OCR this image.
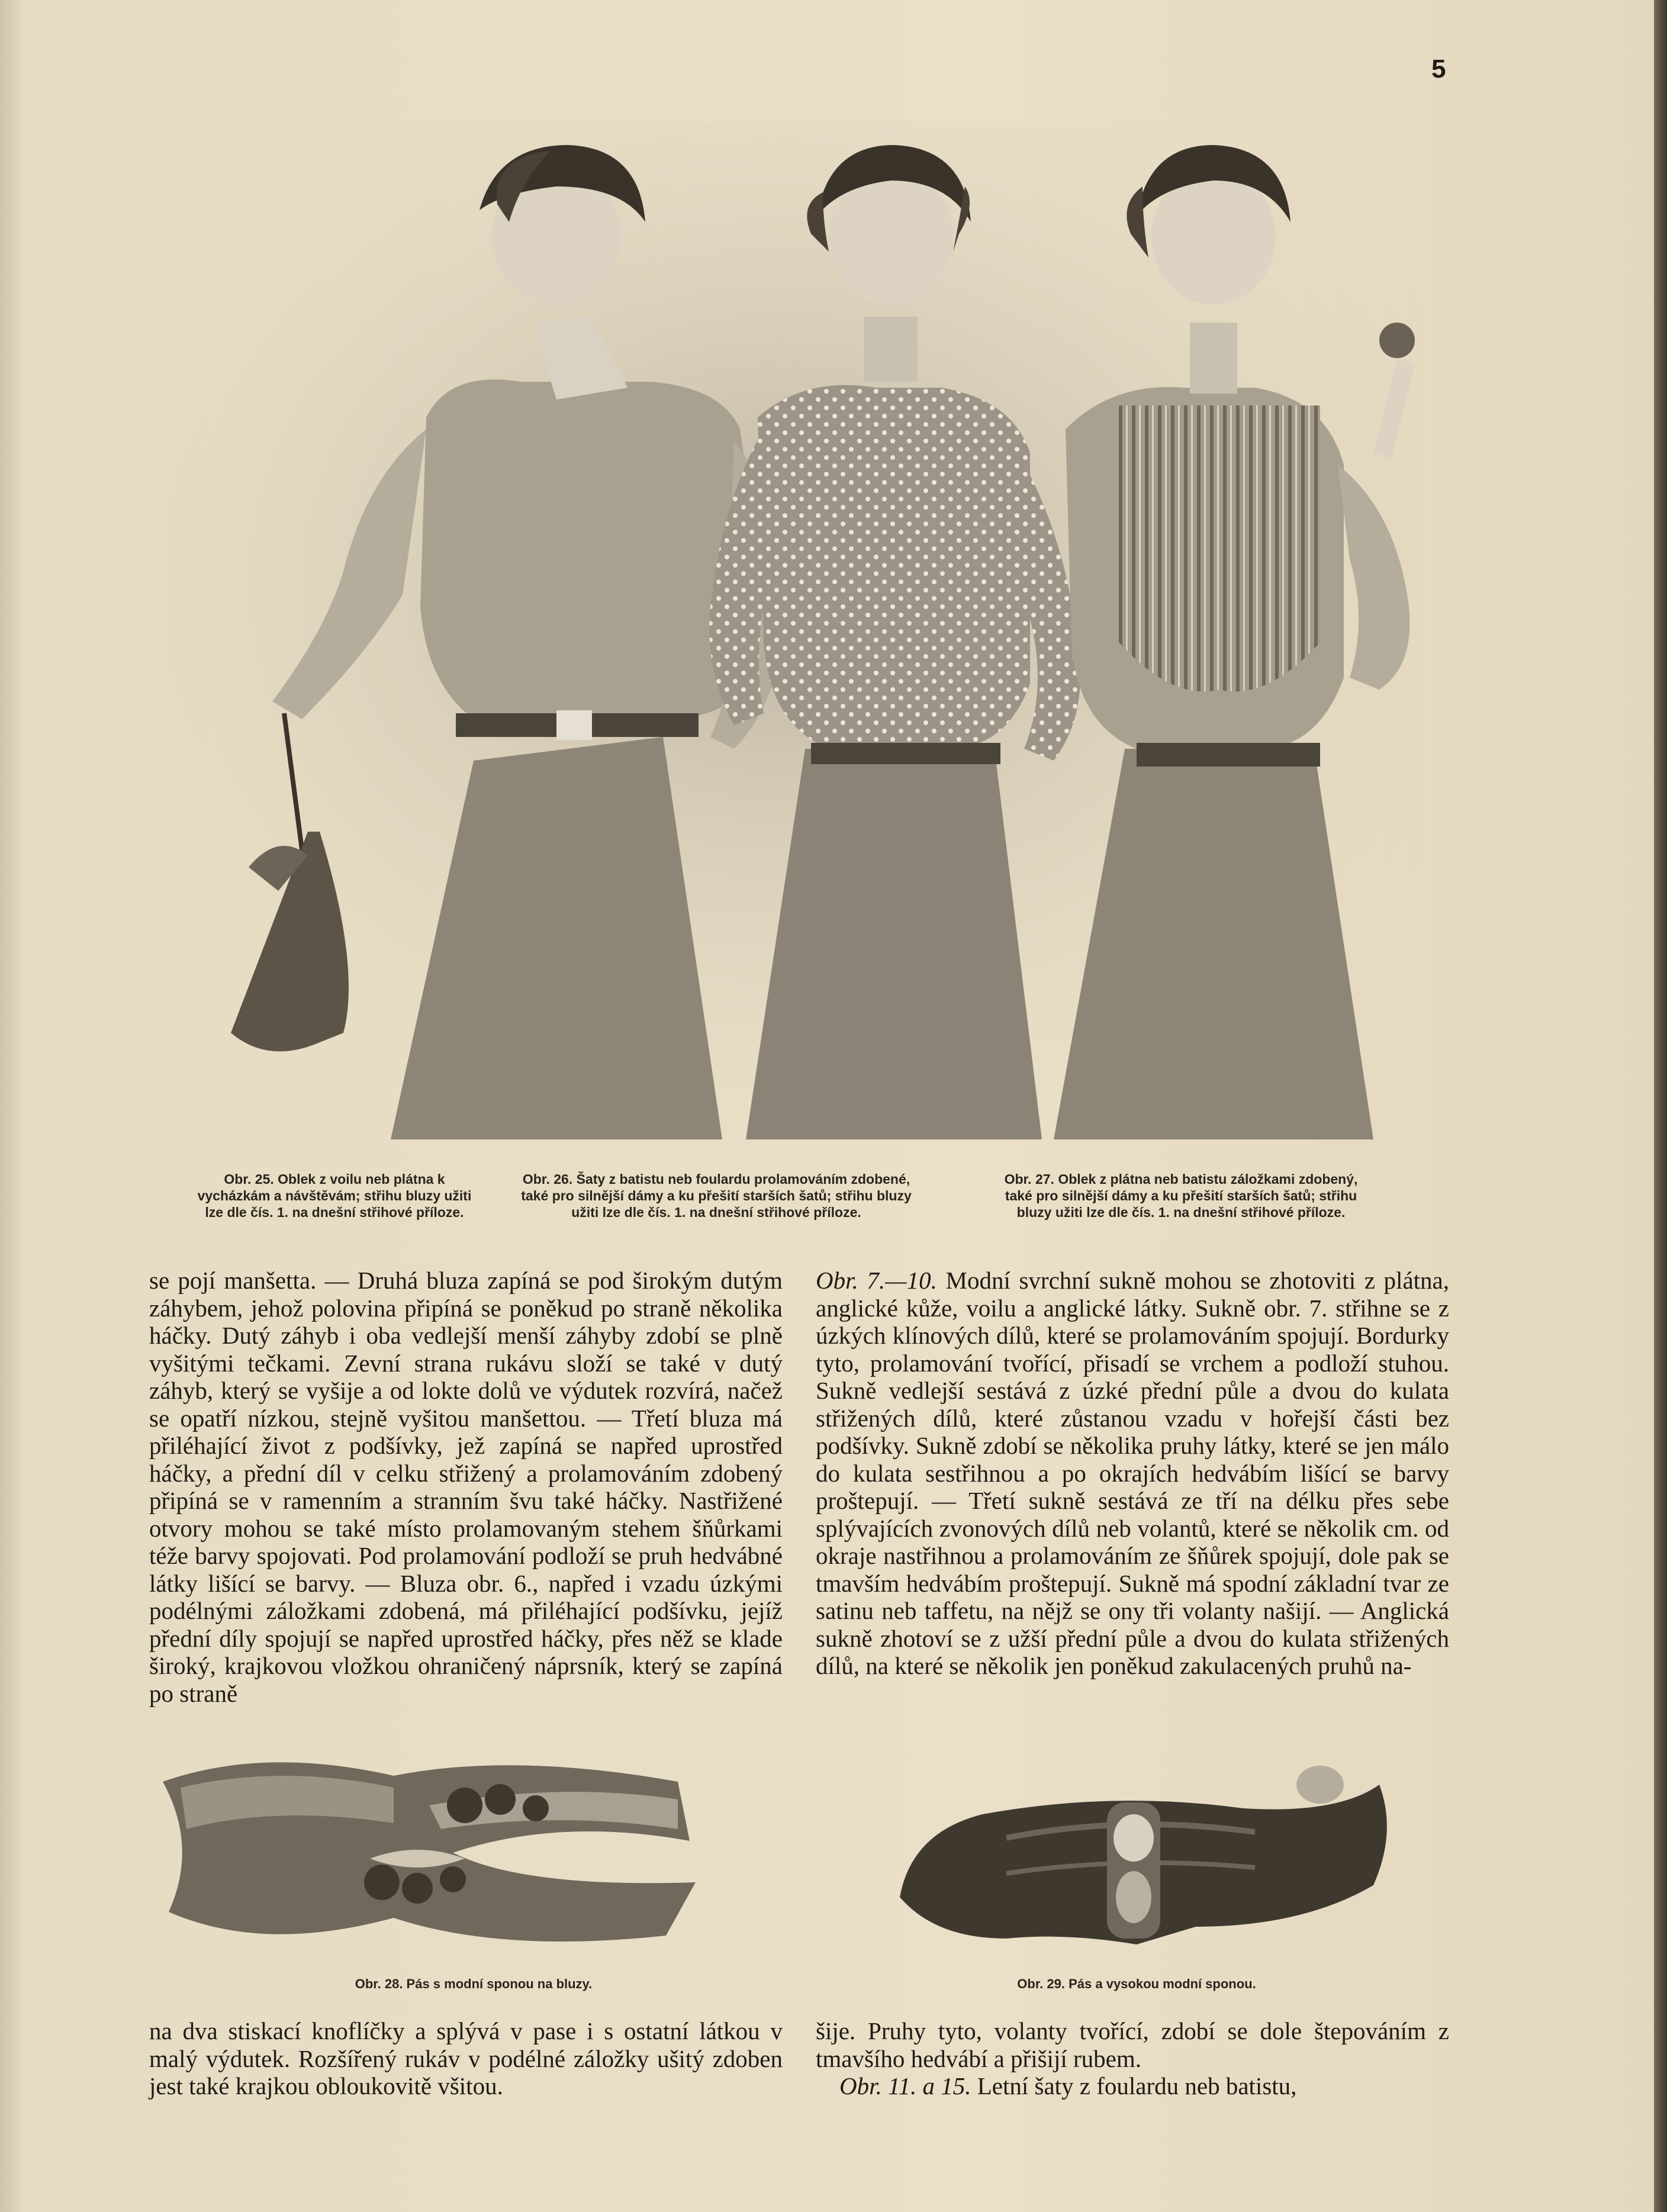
5
Obr. 25. Oblek z voilu neb plátna k vycházkám a návštěvám; střihu bluzy užiti lze dle čís. 1. na dnešní střihové příloze.
Obr. 26. Šaty z batistu neb foulardu prolamováním zdobené, také pro silnější dámy a ku přešití starších šatů; střihu bluzy užiti lze dle čís. 1. na dnešní střihové příloze.
Obr. 27. Oblek z plátna neb batistu záložkami zdobený, také pro silnější dámy a ku přešití starších šatů; střihu bluzy užiti lze dle čís. 1. na dnešní střihové příloze.

se pojí manšetta. — Druhá bluza zapíná se pod širokým dutým záhybem, jehož polovina připíná se poněkud po straně několika háčky. Dutý záhyb i oba vedlejší menší záhyby zdobí se plně vyšitými tečkami. Zevní strana rukávu složí se také v dutý záhyb, který se vyšije a od lokte dolů ve výdutek rozvírá, načež se opatří nízkou, stejně vyšitou manšettou. — Třetí bluza má přiléhající život z podšívky, jež zapíná se napřed uprostřed háčky, a přední díl v celku střižený a prolamováním zdobený připíná se v ramenním a stranním švu také háčky. Nastřižené otvory mohou se také místo prolamovaným stehem šňůrkami téže barvy spojovati. Pod prolamování podloží se pruh hedvábné látky lišící se barvy. — Bluza obr. 6., napřed i vzadu úzkými podélnými záložkami zdobená, má přiléhající podšívku, jejíž přední díly spojují se napřed uprostřed háčky, přes něž se klade široký, krajkovou vložkou ohraničený náprsník, který se zapíná po straně

Obr. 7.—10. Modní svrchní sukně mohou se zhotoviti z plátna, anglické kůže, voilu a anglické látky. Sukně obr. 7. střihne se z úzkých klínových dílů, které se prolamováním spojují. Bordurky tyto, prolamování tvořící, přisadí se vrchem a podloží stuhou. Sukně vedlejší sestává z úzké přední půle a dvou do kulata střižených dílů, které zůstanou vzadu v hořejší části bez podšívky. Sukně zdobí se několika pruhy látky, které se jen málo do kulata sestřihnou a po okrajích hedvábím lišící se barvy proštepují. — Třetí sukně sestává ze tří na délku přes sebe splývajících zvonových dílů neb volantů, které se několik cm. od okraje nastřihnou a prolamováním ze šňůrek spojují, dole pak se tmavším hedvábím proštepují. Sukně má spodní základní tvar ze satinu neb taffetu, na nějž se ony tři volanty našijí. — Anglická sukně zhotoví se z užší přední půle a dvou do kulata střižených dílů, na které se několik jen poněkud zakulacených pruhů na-

Obr. 28. Pás s modní sponou na bluzy.	Obr. 29. Pás a vysokou modní sponou.

na dva stiskací knoflíčky a splývá v pase i s ostatní látkou v malý výdutek. Rozšířený rukáv v podélné záložky ušitý zdoben jest také krajkou obloukovitě všitou.

šije. Pruhy tyto, volanty tvořící, zdobí se dole štepováním z tmavšího hedvábí a přišijí rubem.

Obr. 11. a 15. Letní šaty z foulardu neb batistu,
